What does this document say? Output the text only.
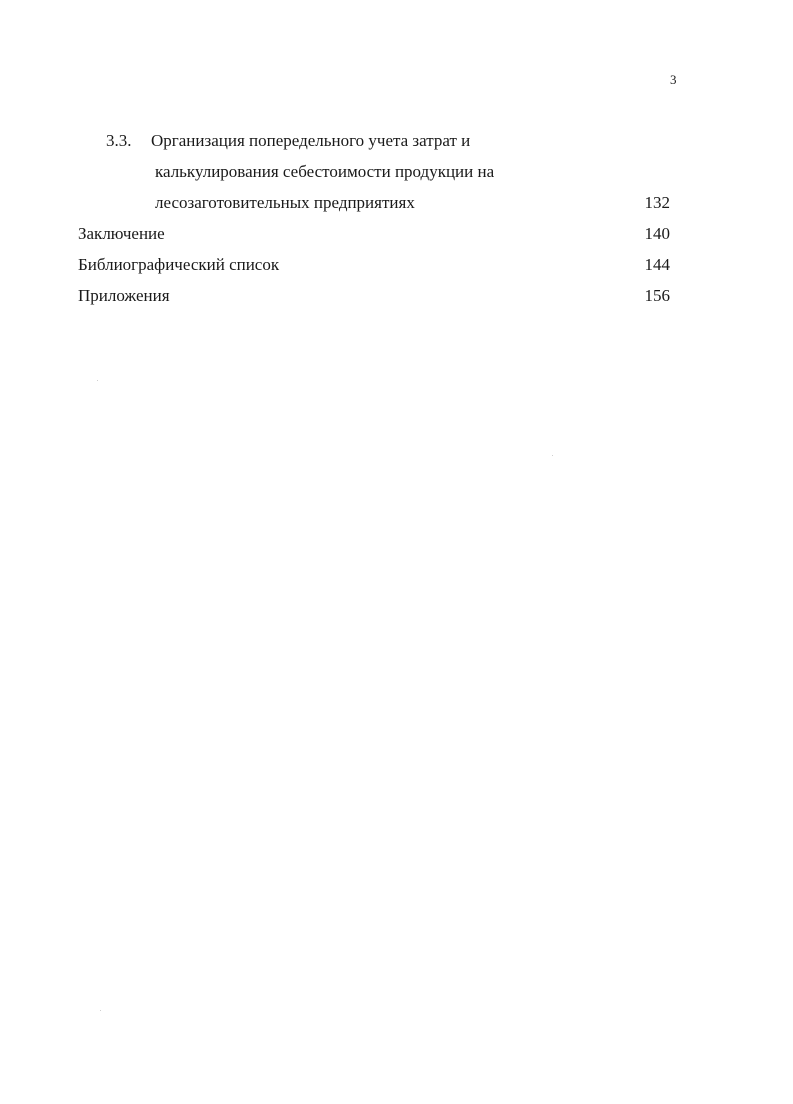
3
3.3. Организация попередельного учета затрат и
калькулирования себестоимости продукции на
лесозаготовительных предприятиях	132
Заключение	140
Библиографический список	144
Приложения	156
